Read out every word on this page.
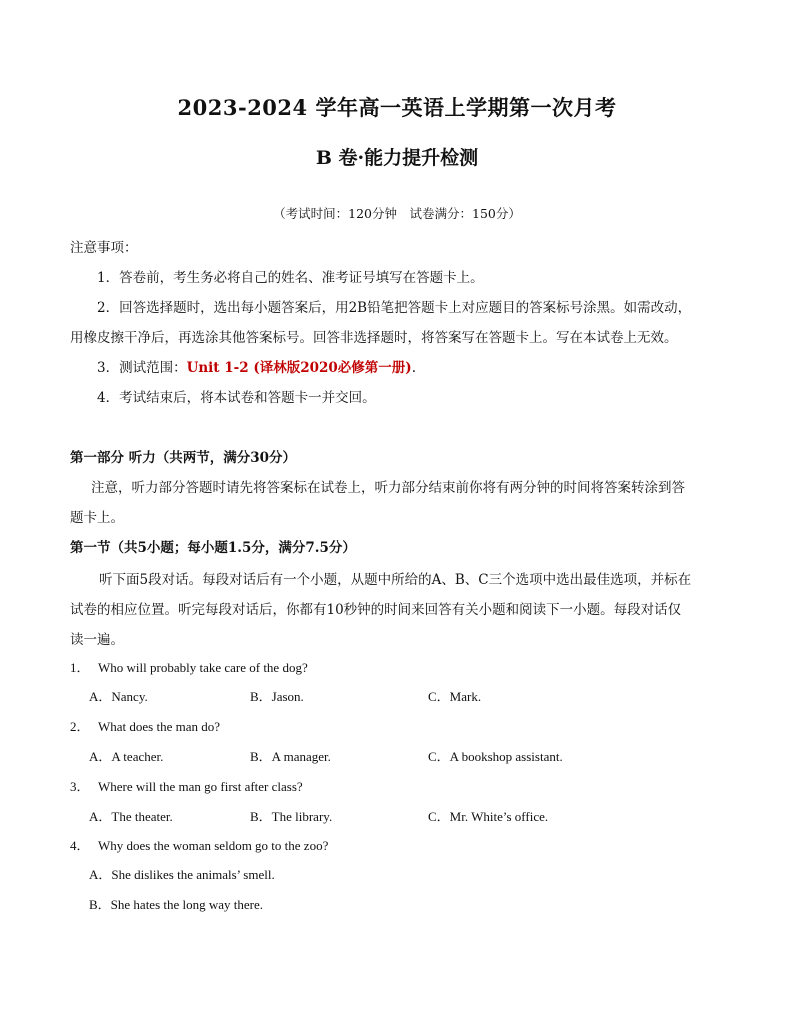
2023-2024 学年高一英语上学期第一次月考
B 卷·能力提升检测
（考试时间：120分钟　试卷满分：150分）
注意事项：
1．答卷前，考生务必将自己的姓名、准考证号填写在答题卡上。
2．回答选择题时，选出每小题答案后，用2B铅笔把答题卡上对应题目的答案标号涂黑。如需改动，
用橡皮擦干净后，再选涂其他答案标号。回答非选择题时，将答案写在答题卡上。写在本试卷上无效。
3．测试范围：Unit 1-2 (译林版2020必修第一册).
4．考试结束后，将本试卷和答题卡一并交回。
第一部分 听力（共两节，满分30分）
注意，听力部分答题时请先将答案标在试卷上，听力部分结束前你将有两分钟的时间将答案转涂到答
题卡上。
第一节（共5小题；每小题1.5分，满分7.5分）
听下面5段对话。每段对话后有一个小题，从题中所给的A、B、C三个选项中选出最佳选项，并标在
试卷的相应位置。听完每段对话后，你都有10秒钟的时间来回答有关小题和阅读下一小题。每段对话仅
读一遍。
1． Who will probably take care of the dog?
A．Nancy.	B．Jason.	C．Mark.
2． What does the man do?
A．A teacher.	B．A manager.	C．A bookshop assistant.
3． Where will the man go first after class?
A．The theater.	B．The library.	C．Mr. White’s office.
4． Why does the woman seldom go to the zoo?
A．She dislikes the animals’ smell.
B．She hates the long way there.
